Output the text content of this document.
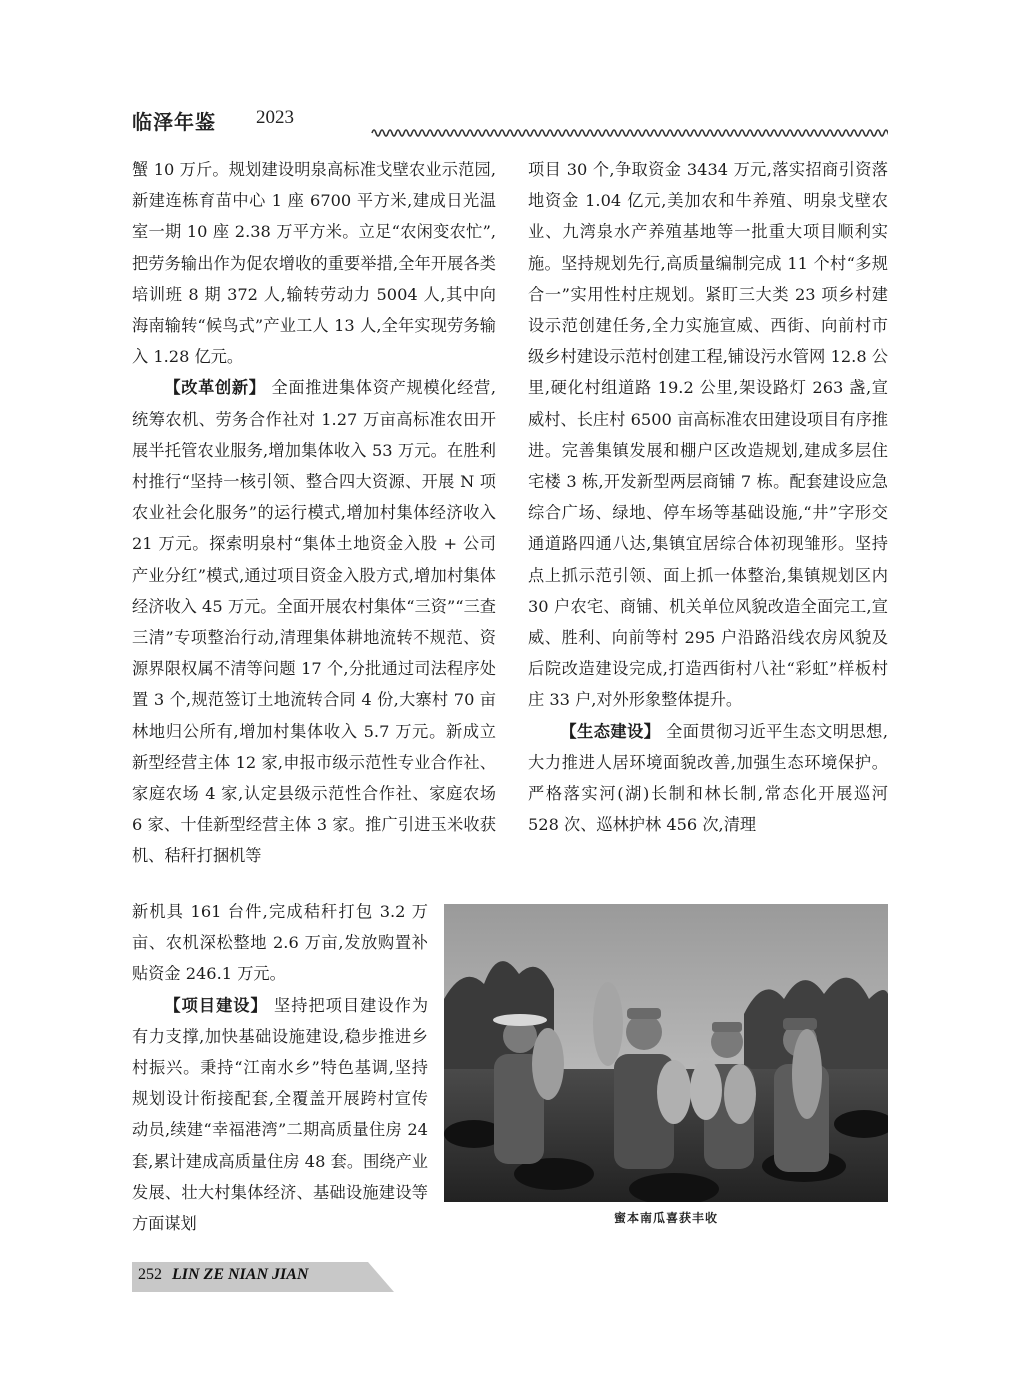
临泽年鉴 2023

蟹 10 万斤。规划建设明泉高标准戈壁农业示范园,新建连栋育苗中心 1 座 6700 平方米,建成日光温室一期 10 座 2.38 万平方米。立足“农闲变农忙”,把劳务输出作为促农增收的重要举措,全年开展各类培训班 8 期 372 人,输转劳动力 5004 人,其中向海南输转“候鸟式”产业工人 13 人,全年实现劳务输入 1.28 亿元。

【改革创新】 全面推进集体资产规模化经营,统筹农机、劳务合作社对 1.27 万亩高标准农田开展半托管农业服务,增加集体收入 53 万元。在胜利村推行“坚持一核引领、整合四大资源、开展 N 项农业社会化服务”的运行模式,增加村集体经济收入 21 万元。探索明泉村“集体土地资金入股 + 公司产业分红”模式,通过项目资金入股方式,增加村集体经济收入 45 万元。全面开展农村集体“三资”“三查三清”专项整治行动,清理集体耕地流转不规范、资源界限权属不清等问题 17 个,分批通过司法程序处置 3 个,规范签订土地流转合同 4 份,大寨村 70 亩林地归公所有,增加村集体收入 5.7 万元。新成立新型经营主体 12 家,申报市级示范性专业合作社、家庭农场 4 家,认定县级示范性合作社、家庭农场 6 家、十佳新型经营主体 3 家。推广引进玉米收获机、秸秆打捆机等

新机具 161 台件,完成秸秆打包 3.2 万亩、农机深松整地 2.6 万亩,发放购置补贴资金 246.1 万元。

【项目建设】 坚持把项目建设作为有力支撑,加快基础设施建设,稳步推进乡村振兴。秉持“江南水乡”特色基调,坚持规划设计衔接配套,全覆盖开展跨村宣传动员,续建“幸福港湾”二期高质量住房 24 套,累计建成高质量住房 48 套。围绕产业发展、壮大村集体经济、基础设施建设等方面谋划

项目 30 个,争取资金 3434 万元,落实招商引资落地资金 1.04 亿元,美加农和牛养殖、明泉戈壁农业、九湾泉水产养殖基地等一批重大项目顺利实施。坚持规划先行,高质量编制完成 11 个村“多规合一”实用性村庄规划。紧盯三大类 23 项乡村建设示范创建任务,全力实施宣威、西街、向前村市级乡村建设示范村创建工程,铺设污水管网 12.8 公里,硬化村组道路 19.2 公里,架设路灯 263 盏,宣威村、长庄村 6500 亩高标准农田建设项目有序推进。完善集镇发展和棚户区改造规划,建成多层住宅楼 3 栋,开发新型两层商铺 7 栋。配套建设应急综合广场、绿地、停车场等基础设施,“井”字形交通道路四通八达,集镇宜居综合体初现雏形。坚持点上抓示范引领、面上抓一体整治,集镇规划区内 30 户农宅、商铺、机关单位风貌改造全面完工,宣威、胜利、向前等村 295 户沿路沿线农房风貌及后院改造建设完成,打造西街村八社“彩虹”样板村庄 33 户,对外形象整体提升。

【生态建设】 全面贯彻习近平生态文明思想,大力推进人居环境面貌改善,加强生态环境保护。严格落实河(湖)长制和林长制,常态化开展巡河 528 次、巡林护林 456 次,清理

蜜本南瓜喜获丰收
252 LIN ZE NIAN JIAN
